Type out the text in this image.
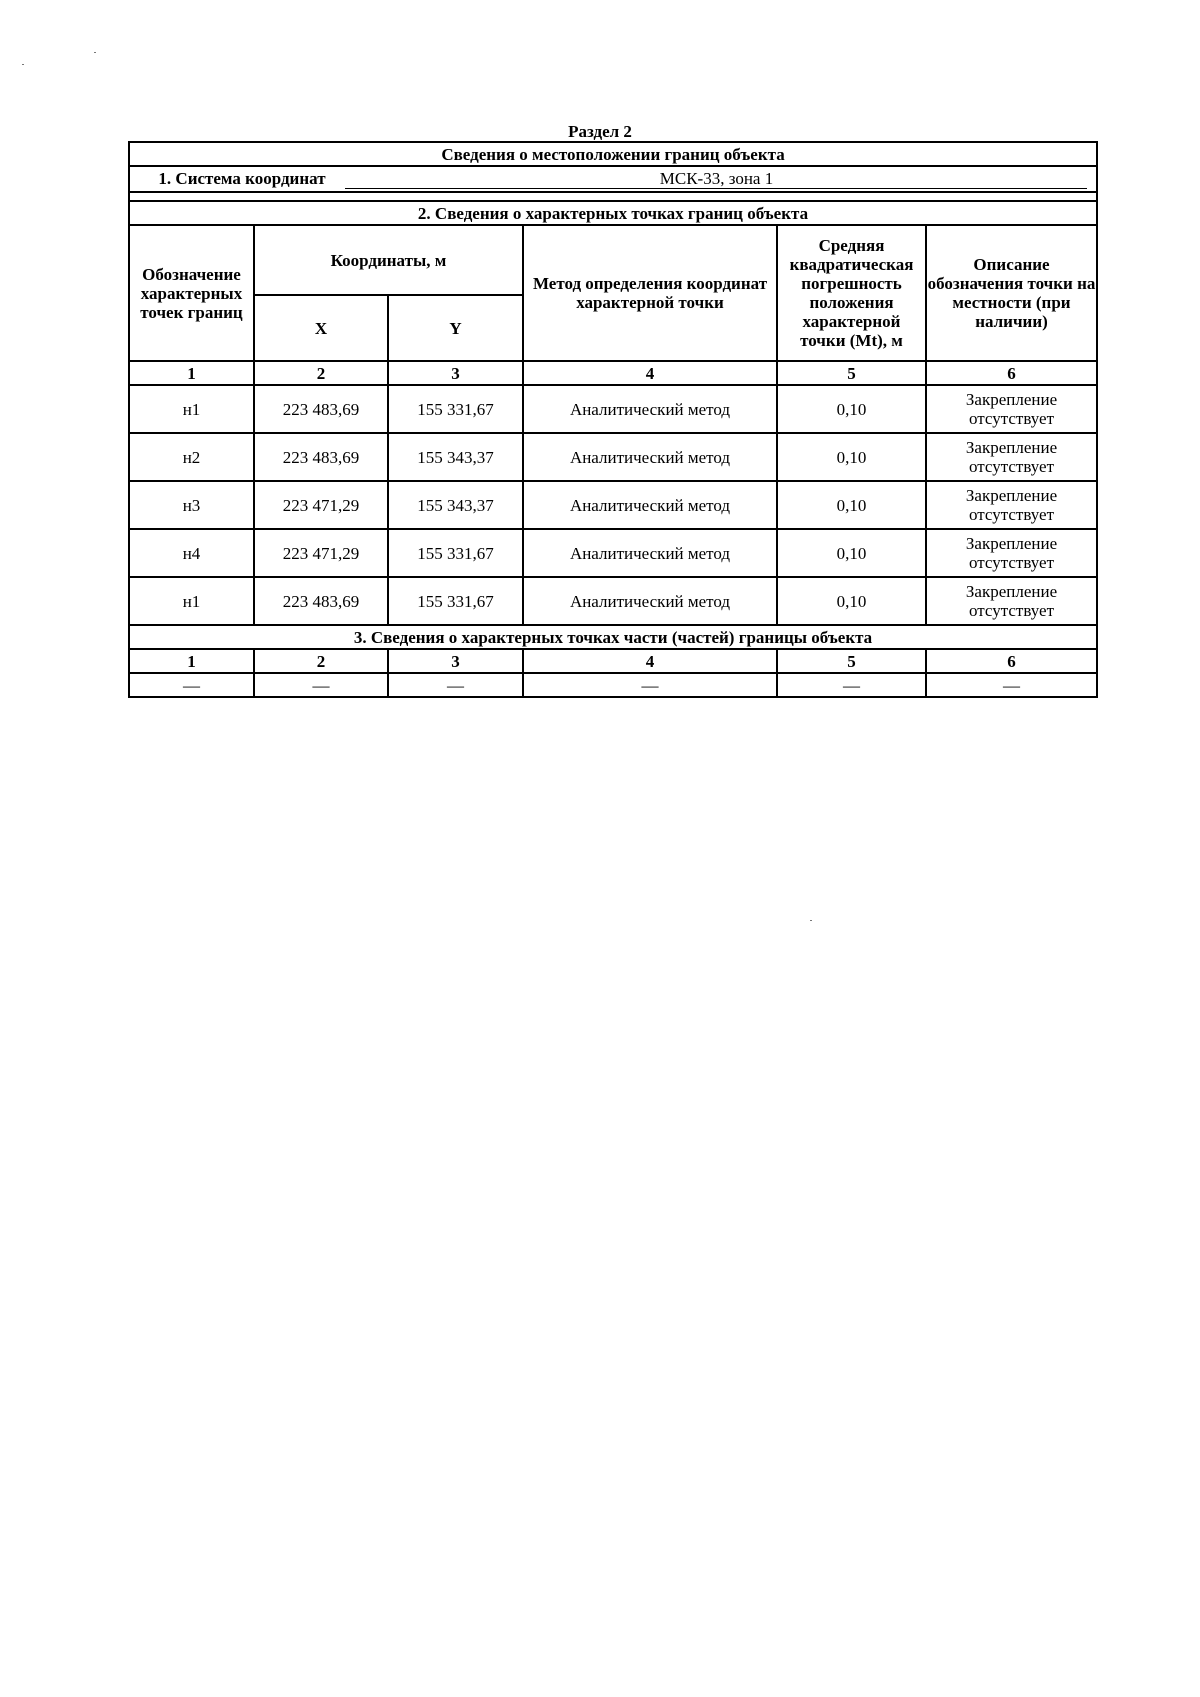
Раздел 2
Сведения о местоположении границ объекта					
1. Система координат МСК-33, зона 1					

2. Сведения о характерных точках границ объекта					
Обозначение характерных точек границ	Координаты, м		Метод определения координат характерной точки	Средняя квадратическая погрешность положения характерной точки (Mt), м	Описание обозначения точки на местности (при наличии)
	X	Y			
1	2	3	4	5	6
н1	223 483,69	155 331,67	Аналитический метод	0,10	Закрепление отсутствует
н2	223 483,69	155 343,37	Аналитический метод	0,10	Закрепление отсутствует
н3	223 471,29	155 343,37	Аналитический метод	0,10	Закрепление отсутствует
н4	223 471,29	155 331,67	Аналитический метод	0,10	Закрепление отсутствует
н1	223 483,69	155 331,67	Аналитический метод	0,10	Закрепление отсутствует
3. Сведения о характерных точках части (частей) границы объекта					
1	2	3	4	5	6
—	—	—	—	—	—
